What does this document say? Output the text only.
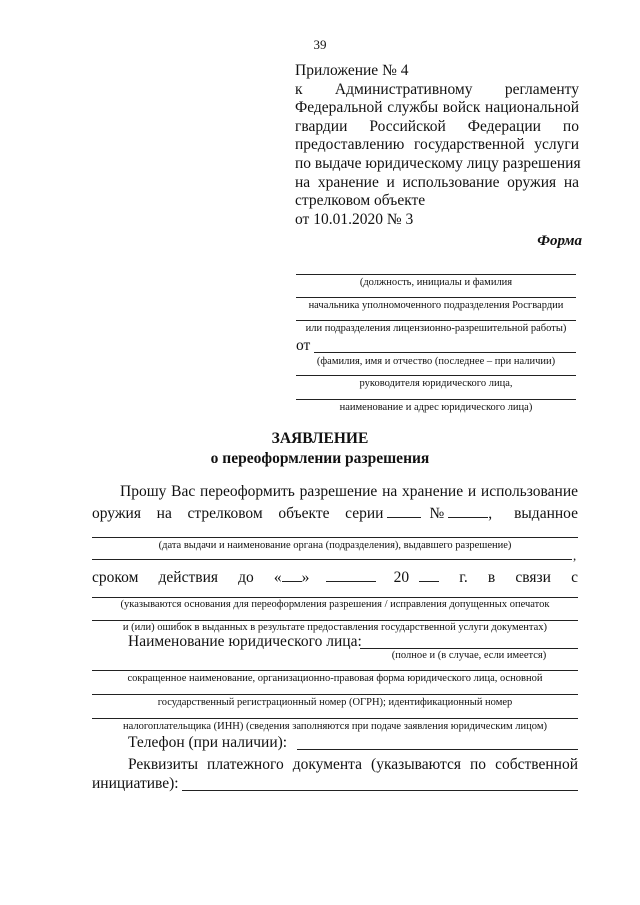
39
Приложение № 4
к Административному регламенту
Федеральной службы войск национальной
гвардии Российской Федерации по
предоставлению государственной услуги
по выдаче юридическому лицу разрешения
на хранение и использование оружия на
стрелковом объекте
от 10.01.2020 № 3
Форма
(должность, инициалы и фамилия
начальника уполномоченного подразделения Росгвардии
или подразделения лицензионно-разрешительной работы)
от
(фамилия, имя и отчество (последнее – при наличии)
руководителя юридического лица,
наименование и адрес юридического лица)
ЗАЯВЛЕНИЕ
о переоформлении разрешения
Прошу Вас переоформить разрешение на хранение и использование
оружия на стрелковом объекте серии	№	, выданное
(дата выдачи и наименование органа (подразделения), выдавшего разрешение)
,
сроком действия до « »	20	г. в связи с
(указываются основания для переоформления разрешения / исправления допущенных опечаток
и (или) ошибок в выданных в результате предоставления государственной услуги документах)
Наименование юридического лица:
(полное и (в случае, если имеется)
сокращенное наименование, организационно-правовая форма юридического лица, основной
государственный регистрационный номер (ОГРН); идентификационный номер
налогоплательщика (ИНН) (сведения заполняются при подаче заявления юридическим лицом)
Телефон (при наличии):
Реквизиты платежного документа (указываются по собственной
инициативе):
